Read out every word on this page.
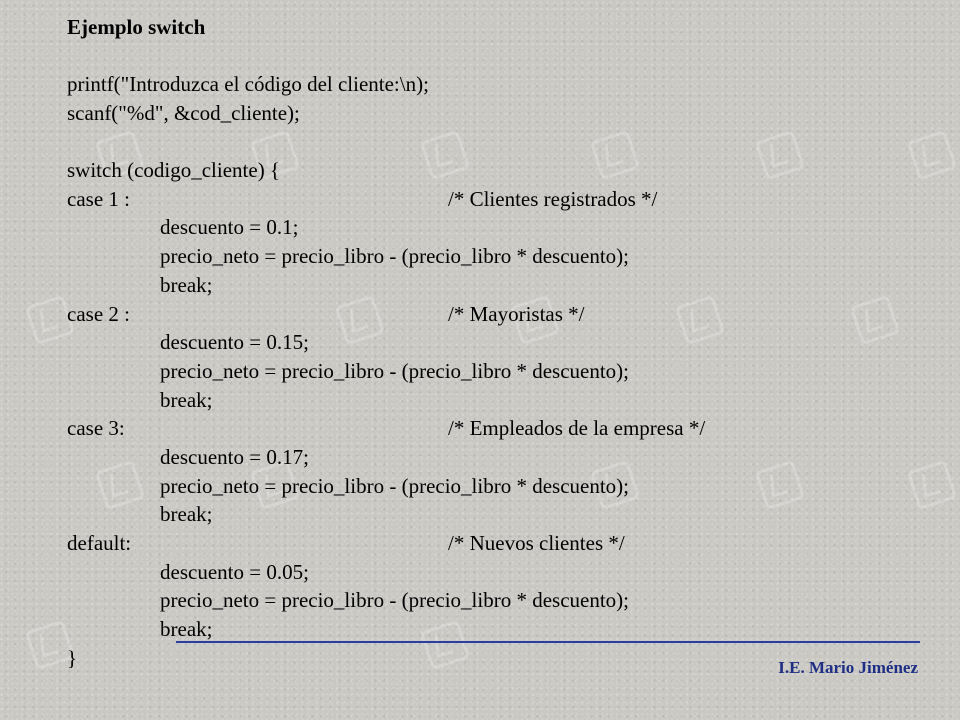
Ejemplo switch
printf("Introduzca el código del cliente:\n);
scanf("%d", &cod_cliente);
switch (codigo_cliente) {
case 1 :	/* Clientes registrados */
descuento = 0.1;
precio_neto = precio_libro - (precio_libro * descuento);
break;
case 2 :	/* Mayoristas */
descuento = 0.15;
precio_neto = precio_libro - (precio_libro * descuento);
break;
case 3:	/* Empleados de la empresa */
descuento = 0.17;
precio_neto = precio_libro - (precio_libro * descuento);
break;
default:	/* Nuevos clientes */
descuento = 0.05;
precio_neto = precio_libro - (precio_libro * descuento);
break;
}	I.E. Mario Jiménez
